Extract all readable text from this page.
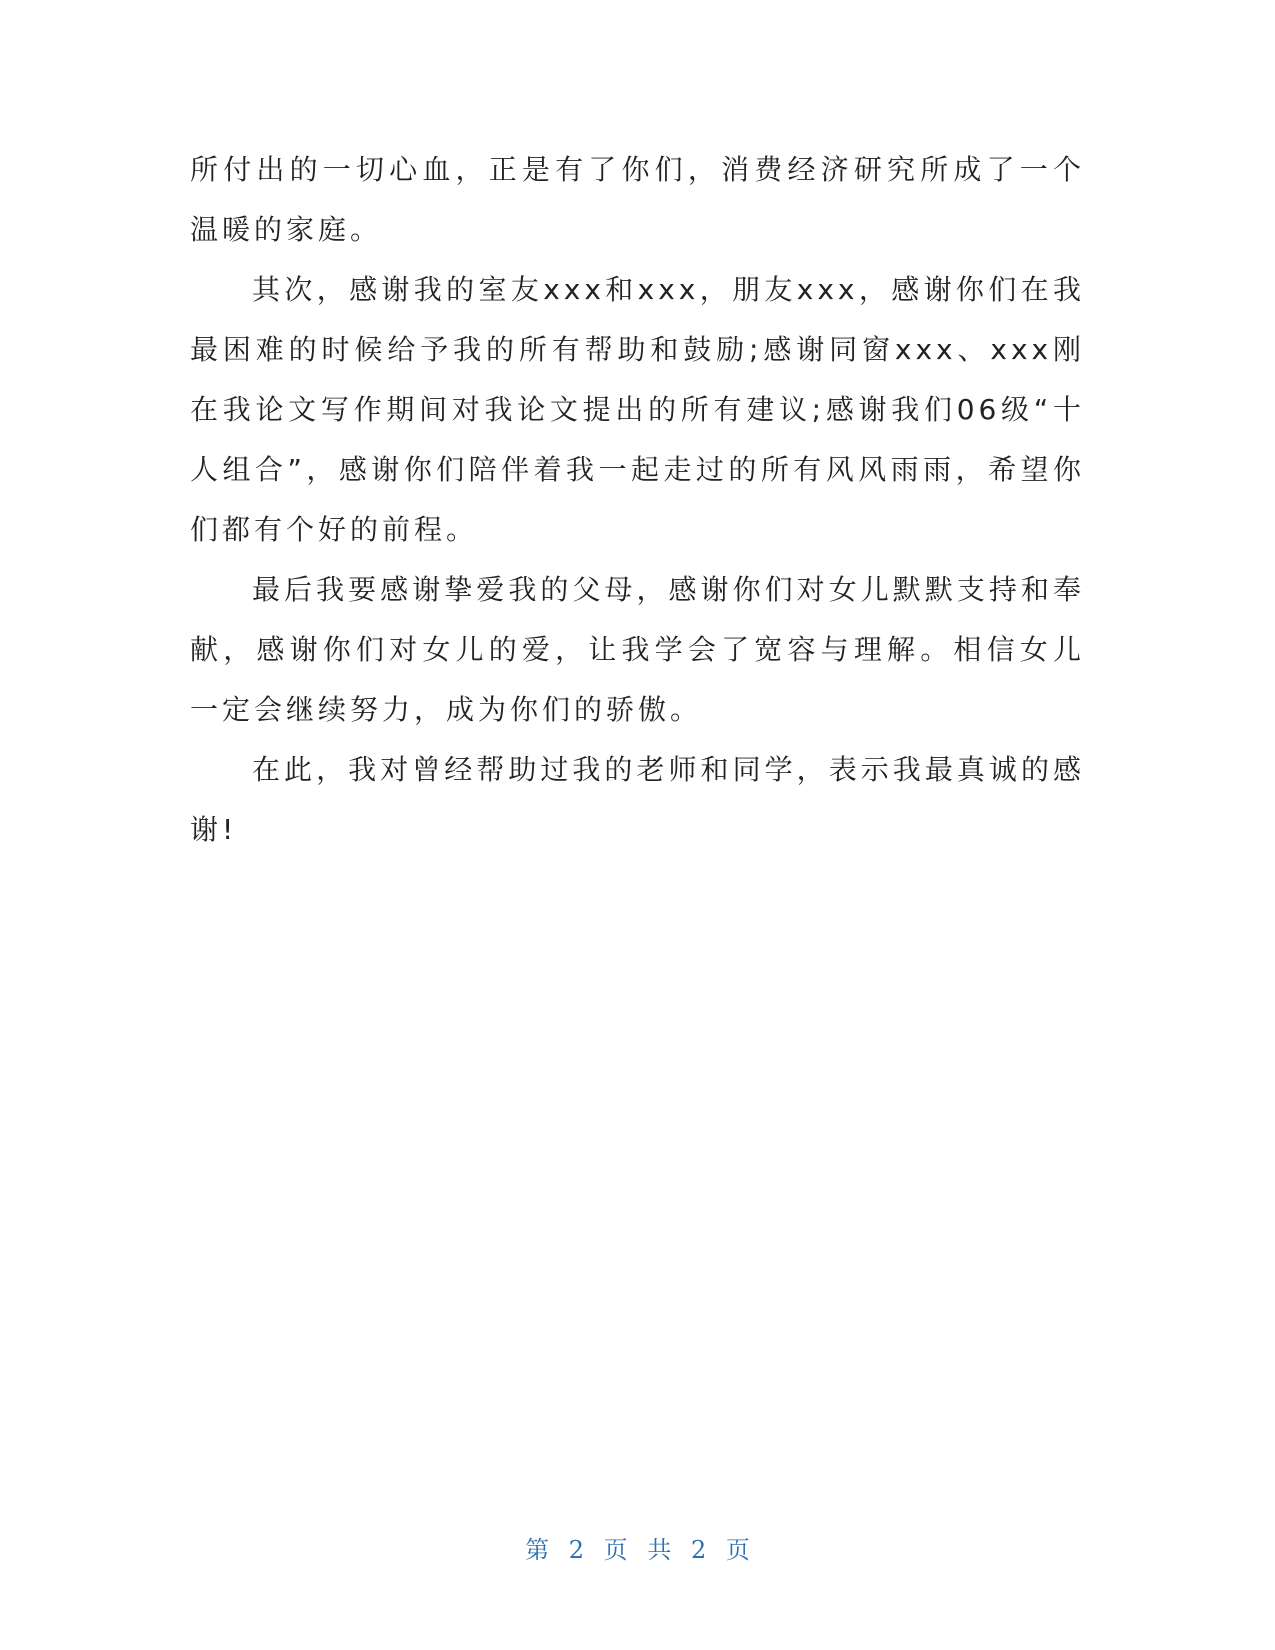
所付出的一切心血，正是有了你们，消费经济研究所成了一个温暖的家庭。

其次，感谢我的室友xxx和xxx，朋友xxx，感谢你们在我最困难的时候给予我的所有帮助和鼓励;感谢同窗xxx、xxx刚在我论文写作期间对我论文提出的所有建议;感谢我们06级“十人组合”，感谢你们陪伴着我一起走过的所有风风雨雨，希望你们都有个好的前程。

最后我要感谢挚爱我的父母，感谢你们对女儿默默支持和奉献，感谢你们对女儿的爱，让我学会了宽容与理解。相信女儿一定会继续努力，成为你们的骄傲。

在此，我对曾经帮助过我的老师和同学，表示我最真诚的感谢!

第 2 页 共 2 页
